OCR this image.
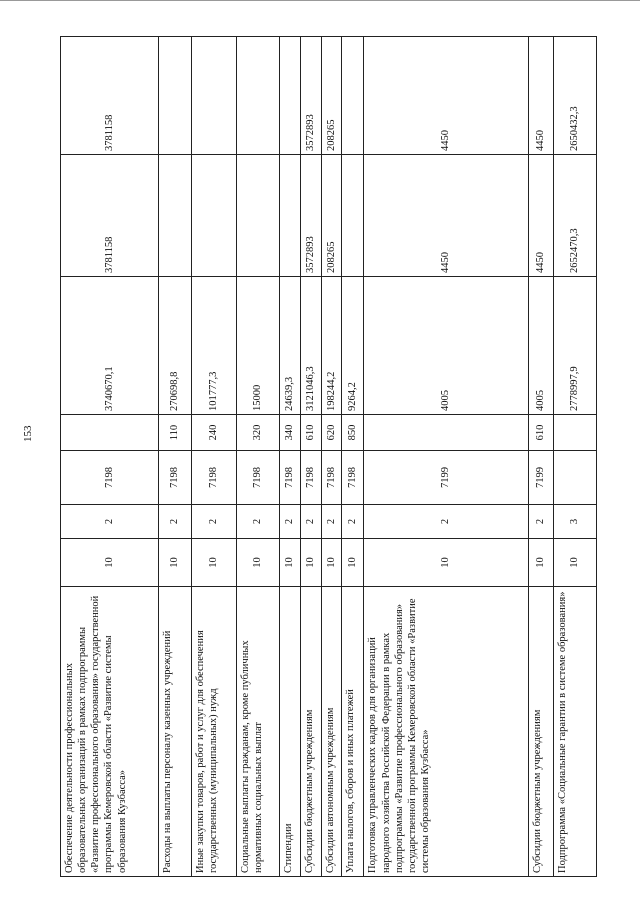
153
Обеспечение деятельности профессиональных образовательных организаций в рамках подпрограммы «Развитие профессионального образования» государственной программы Кемеровской области «Развитие системы образования Кузбасса»	10	2	7198		3740670,1	3781158	3781158
Расходы на выплаты персоналу казенных учреждений	10	2	7198	110	270698,8		
Иные закупки товаров, работ и услуг для обеспечения государственных (муниципальных) нужд	10	2	7198	240	101777,3		
Социальные выплаты гражданам, кроме публичных нормативных социальных выплат	10	2	7198	320	15000		
Стипендии	10	2	7198	340	24639,3		
Субсидии бюджетным учреждениям	10	2	7198	610	3121046,3	3572893	3572893
Субсидии автономным учреждениям	10	2	7198	620	198244,2	208265	208265
Уплата налогов, сборов и иных платежей	10	2	7198	850	9264,2		
Подготовка управленческих кадров для организаций народного хозяйства Российской Федерации в рамках подпрограммы «Развитие профессионального образования» государственной программы Кемеровской области «Развитие системы образования Кузбасса»	10	2	7199		4005	4450	4450
Субсидии бюджетным учреждениям	10	2	7199	610	4005	4450	4450
Подпрограмма «Социальные гарантии в системе образования»	10	3			2778997,9	2652470,3	2650432,3
